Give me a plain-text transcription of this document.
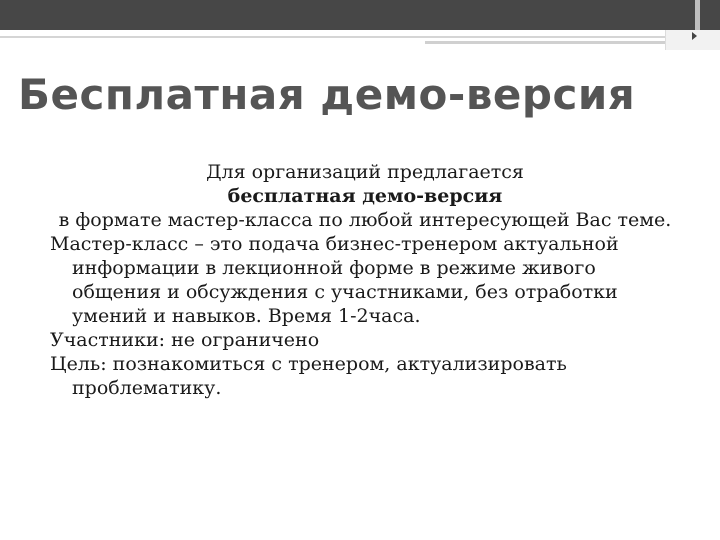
Бесплатная демо-версия
Для организаций предлагается
бесплатная демо-версия
в формате мастер-класса по любой интересующей Вас теме.

Мастер-класс – это подача бизнес-тренером актуальной информации в лекционной форме в режиме живого общения и обсуждения с участниками, без отработки умений и навыков. Время 1-2часа.

Участники: не ограничено

Цель: познакомиться с тренером, актуализировать проблематику.
